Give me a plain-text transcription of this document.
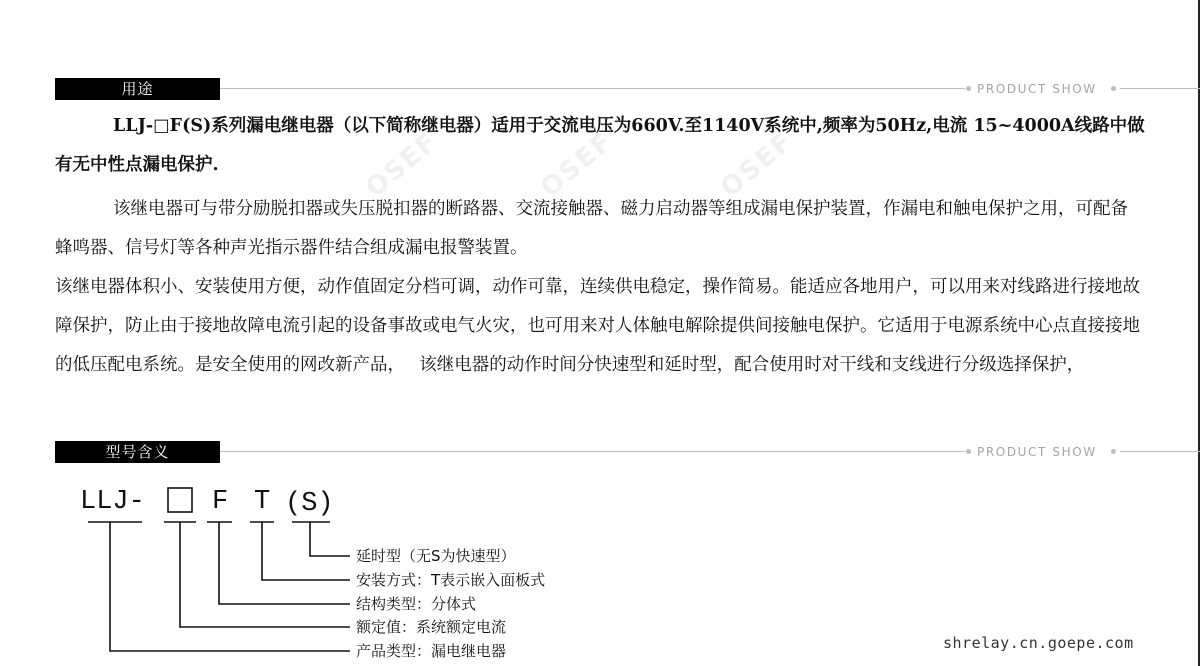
OSEF	OSEF	OSEF
用途	PRODUCT SHOW

LLJ-□F(S)系列漏电继电器（以下简称继电器）适用于交流电压为660V.至1140V系统中,频率为50Hz,电流 15~4000A线路中做有无中性点漏电保护.

该继电器可与带分励脱扣器或失压脱扣器的断路器、交流接触器、磁力启动器等组成漏电保护装置，作漏电和触电保护之用，可配备蜂鸣器、信号灯等各种声光指示器件结合组成漏电报警装置。

该继电器体积小、安装使用方便，动作值固定分档可调，动作可靠，连续供电稳定，操作简易。能适应各地用户，可以用来对线路进行接地故障保护，防止由于接地故障电流引起的设备事故或电气火灾，也可用来对人体触电解除提供间接触电保护。它适用于电源系统中心点直接接地的低压配电系统。是安全使用的网改新产品，　 该继电器的动作时间分快速型和延时型，配合使用时对干线和支线进行分级选择保护，

型号含义	PRODUCT SHOW
LLJ- F T (S)
延时型（无S为快速型）
安装方式：T表示嵌入面板式
结构类型：分体式
额定值：系统额定电流
产品类型：漏电继电器	shrelay.cn.goepe.com
